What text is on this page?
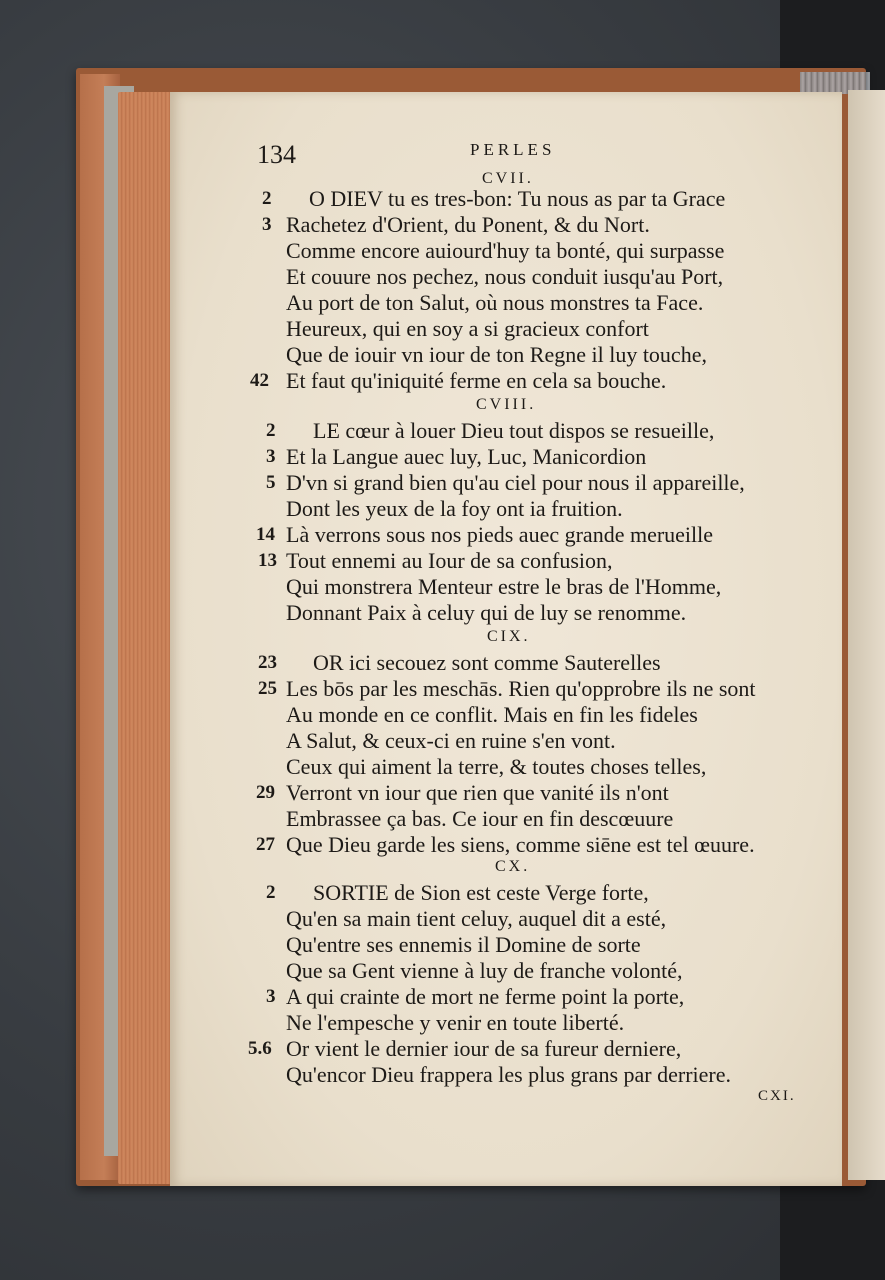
134	PERLES
CVII.
2 O DIEV tu es tres-bon: Tu nous as par ta Grace
3 Rachetez d'Orient, du Ponent, & du Nort.
Comme encore auiourd'huy ta bonté, qui surpasse
Et couure nos pechez, nous conduit iusqu'au Port,
Au port de ton Salut, où nous monstres ta Face.
Heureux, qui en soy a si gracieux confort
Que de iouir vn iour de ton Regne il luy touche,
42 Et faut qu'iniquité ferme en cela sa bouche.
CVIII.
2 LE cœur à louer Dieu tout dispos se resueille,
3 Et la Langue auec luy, Luc, Manicordion
5 D'vn si grand bien qu'au ciel pour nous il appareille,
Dont les yeux de la foy ont ia fruition.
14 Là verrons sous nos pieds auec grande merueille
13 Tout ennemi au Iour de sa confusion,
Qui monstrera Menteur estre le bras de l'Homme,
Donnant Paix à celuy qui de luy se renomme.
CIX.
23 OR ici secouez sont comme Sauterelles
25 Les bōs par les meschās. Rien qu'opprobre ils ne sont
Au monde en ce conflit. Mais en fin les fideles
A Salut, & ceux-ci en ruine s'en vont.
Ceux qui aiment la terre, & toutes choses telles,
29 Verront vn iour que rien que vanité ils n'ont
Embrassee ça bas. Ce iour en fin descœuure
27 Que Dieu garde les siens, comme siēne est tel œuure.
CX.
2 SORTIE de Sion est ceste Verge forte,
Qu'en sa main tient celuy, auquel dit a esté,
Qu'entre ses ennemis il Domine de sorte
Que sa Gent vienne à luy de franche volonté,
3 A qui crainte de mort ne ferme point la porte,
Ne l'empesche y venir en toute liberté.
5.6 Or vient le dernier iour de sa fureur derniere,
Qu'encor Dieu frappera les plus grans par derriere.
CXI.
